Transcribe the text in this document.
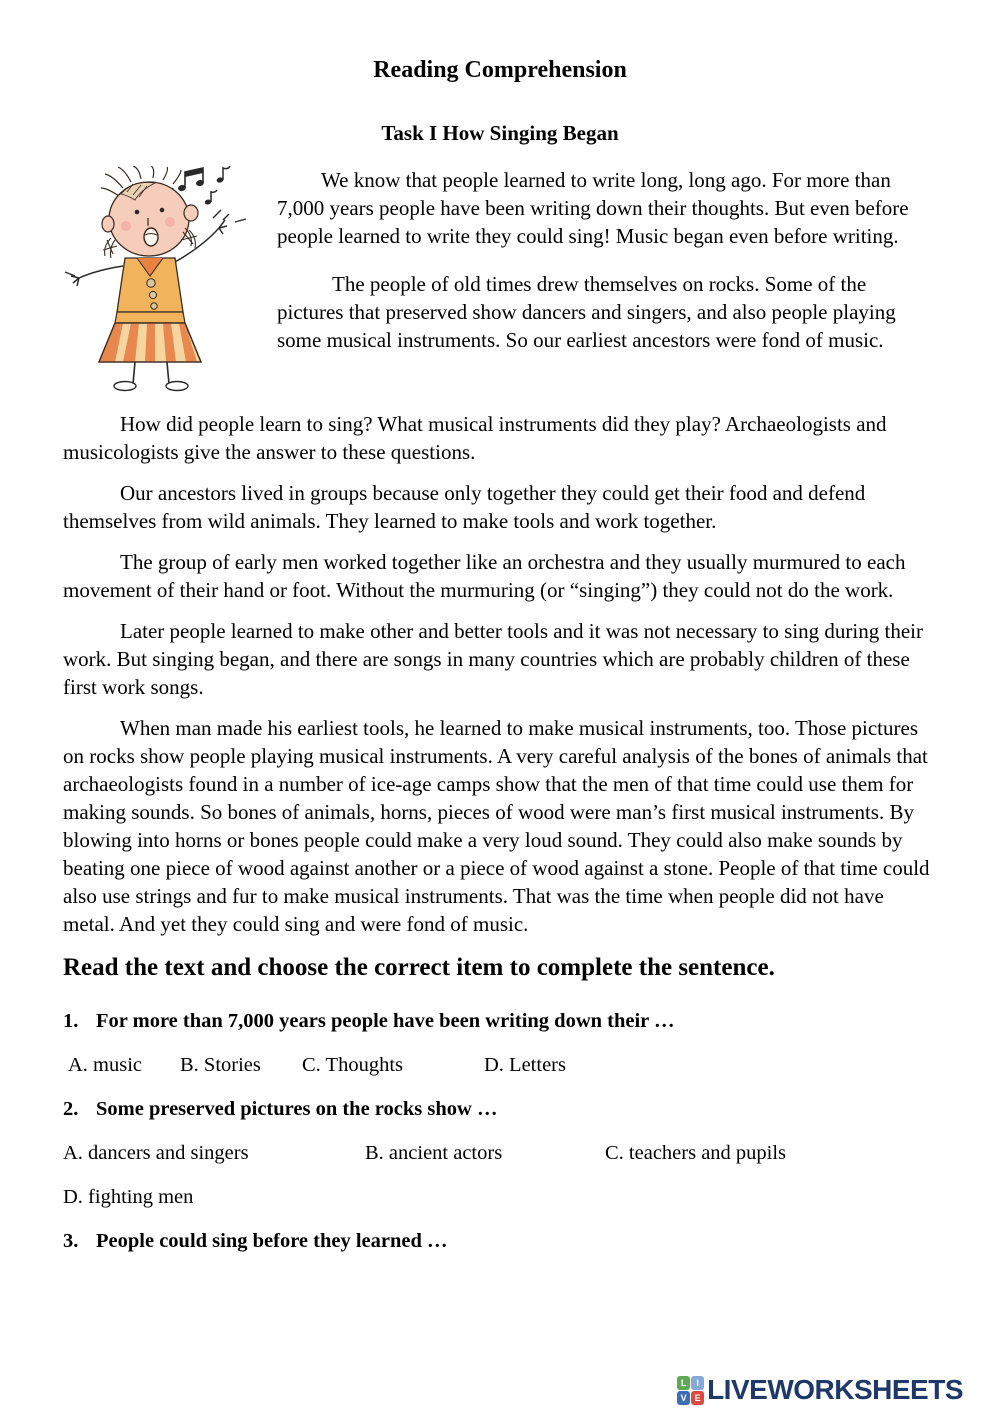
Reading Comprehension
Task I How Singing Began

We know that people learned to write long, long ago. For more than 7,000 years people have been writing down their thoughts. But even before people learned to write they could sing! Music began even before writing.

The people of old times drew themselves on rocks. Some of the pictures that preserved show dancers and singers, and also people playing some musical instruments. So our earliest ancestors were fond of music.

How did people learn to sing? What musical instruments did they play? Archaeologists and musicologists give the answer to these questions.

Our ancestors lived in groups because only together they could get their food and defend themselves from wild animals. They learned to make tools and work together.

The group of early men worked together like an orchestra and they usually murmured to each movement of their hand or foot. Without the murmuring (or “singing”) they could not do the work.

Later people learned to make other and better tools and it was not necessary to sing during their work. But singing began, and there are songs in many countries which are probably children of these first work songs.

When man made his earliest tools, he learned to make musical instruments, too. Those pictures on rocks show people playing musical instruments. A very careful analysis of the bones of animals that archaeologists found in a number of ice-age camps show that the men of that time could use them for making sounds. So bones of animals, horns, pieces of wood were man’s first musical instruments. By blowing into horns or bones people could make a very loud sound. They could also make sounds by beating one piece of wood against another or a piece of wood against a stone. People of that time could also use strings and fur to make musical instruments. That was the time when people did not have metal. And yet they could sing and were fond of music.

Read the text and choose the correct item to complete the sentence.
1. For more than 7,000 years people have been writing down their …
A. music B. Stories C. Thoughts	D. Letters
2. Some preserved pictures on the rocks show …
A. dancers and singers	B. ancient actors	C. teachers and pupils
D. fighting men
3. People could sing before they learned …
L	I
V E LIVEWORKSHEETS
